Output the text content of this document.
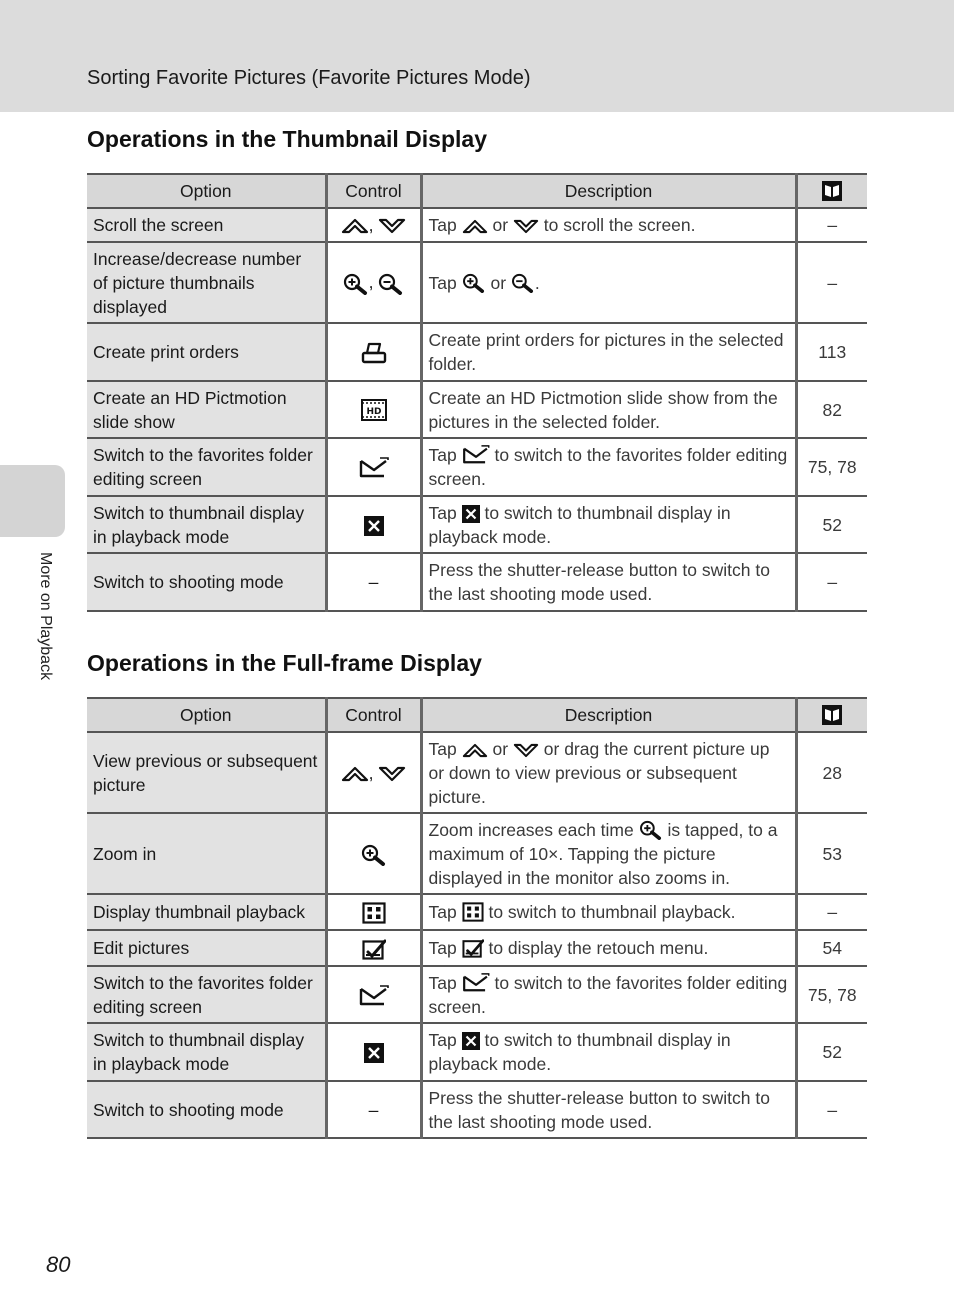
Sorting Favorite Pictures (Favorite Pictures Mode)
More on Playback
Operations in the Thumbnail Display
Option	Control	Description	
Scroll the screen	,	Tap or to scroll the screen.	–
Increase/decrease number of picture thumbnails displayed	,	Tap or .	–
Create print orders		Create print orders for pictures in the selected folder.	113
Create an HD Pictmotion slide show		Create an HD Pictmotion slide show from the pictures in the selected folder.	82
Switch to the favorites folder editing screen		Tap to switch to the favorites folder editing screen.	75, 78
Switch to thumbnail display in playback mode		Tap to switch to thumbnail display in playback mode.	52
Switch to shooting mode	–	Press the shutter-release button to switch to the last shooting mode used.	–
Operations in the Full-frame Display
Option	Control	Description	
View previous or subsequent picture	,	Tap or or drag the current picture up or down to view previous or subsequent picture.	28
Zoom in		Zoom increases each time is tapped, to a maximum of 10×. Tapping the picture displayed in the monitor also zooms in.	53
Display thumbnail playback		Tap to switch to thumbnail playback.	–
Edit pictures		Tap to display the retouch menu.	54
Switch to the favorites folder editing screen		Tap to switch to the favorites folder editing screen.	75, 78
Switch to thumbnail display in playback mode		Tap to switch to thumbnail display in playback mode.	52
Switch to shooting mode	–	Press the shutter-release button to switch to the last shooting mode used.	–
80
